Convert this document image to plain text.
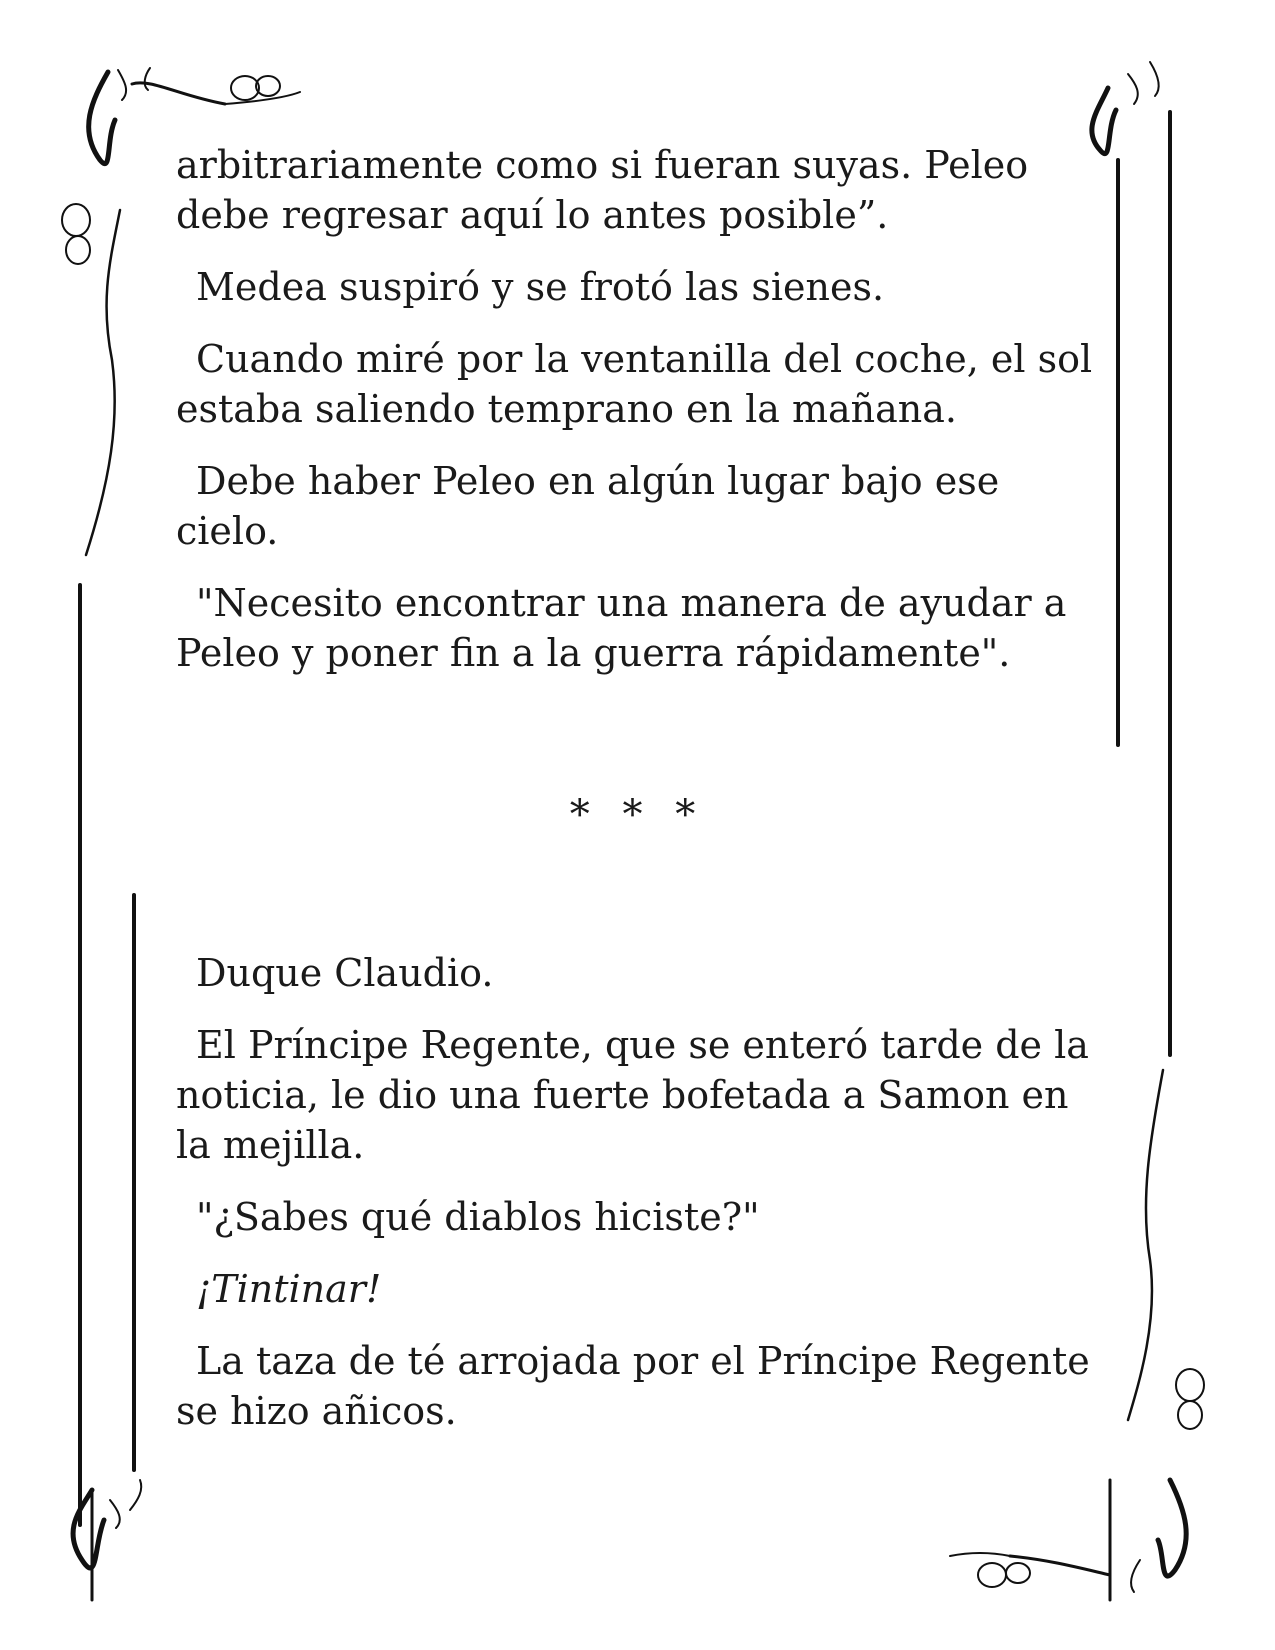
arbitrariamente como si fueran suyas. Peleo debe regresar aquí lo antes posible”.

Medea suspiró y se frotó las sienes.

Cuando miré por la ventanilla del coche, el sol estaba saliendo temprano en la mañana.

Debe haber Peleo en algún lugar bajo ese cielo.

"Necesito encontrar una manera de ayudar a Peleo y poner fin a la guerra rápidamente".

* * *

Duque Claudio.

El Príncipe Regente, que se enteró tarde de la noticia, le dio una fuerte bofetada a Samon en la mejilla.

"¿Sabes qué diablos hiciste?"

¡Tintinar!

La taza de té arrojada por el Príncipe Regente se hizo añicos.
